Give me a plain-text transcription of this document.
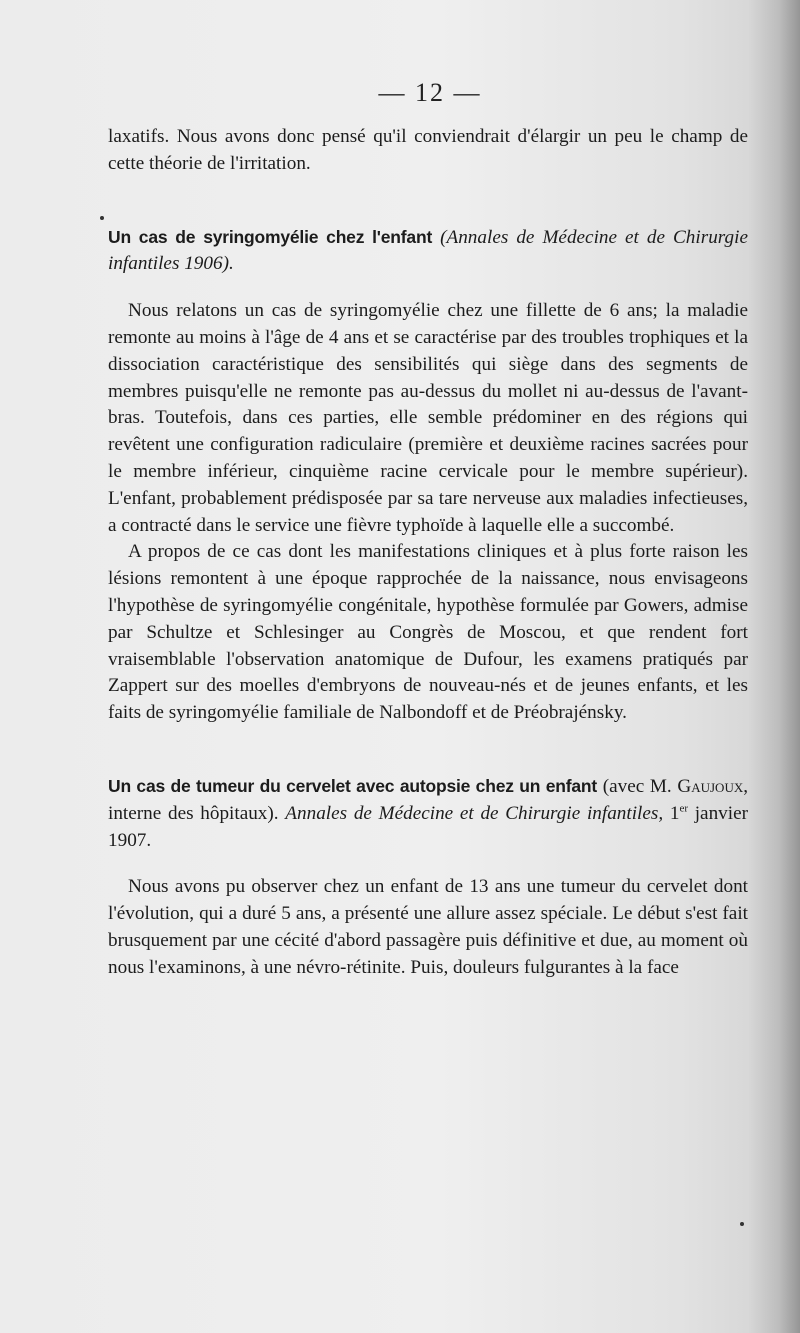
— 12 —

laxatifs. Nous avons donc pensé qu'il conviendrait d'élargir un peu le champ de cette théorie de l'irritation.

Un cas de syringomyélie chez l'enfant (Annales de Médecine et de Chirurgie infantiles 1906).

Nous relatons un cas de syringomyélie chez une fillette de 6 ans; la maladie remonte au moins à l'âge de 4 ans et se caractérise par des troubles trophiques et la dissociation caractéristique des sensibilités qui siège dans des segments de membres puisqu'elle ne remonte pas au-dessus du mollet ni au-dessus de l'avant-bras. Toutefois, dans ces parties, elle semble prédominer en des régions qui revêtent une configuration radiculaire (première et deuxième racines sacrées pour le membre inférieur, cinquième racine cervicale pour le membre supérieur). L'enfant, probablement prédisposée par sa tare nerveuse aux maladies infectieuses, a contracté dans le service une fièvre typhoïde à laquelle elle a succombé.

A propos de ce cas dont les manifestations cliniques et à plus forte raison les lésions remontent à une époque rapprochée de la naissance, nous envisageons l'hypothèse de syringomyélie congénitale, hypothèse formulée par Gowers, admise par Schultze et Schlesinger au Congrès de Moscou, et que rendent fort vraisemblable l'observation anatomique de Dufour, les examens pratiqués par Zappert sur des moelles d'embryons de nouveau-nés et de jeunes enfants, et les faits de syringomyélie familiale de Nalbondoff et de Préobrajénsky.

Un cas de tumeur du cervelet avec autopsie chez un enfant (avec M. Gaujoux, interne des hôpitaux). Annales de Médecine et de Chirurgie infantiles, 1er janvier 1907.

Nous avons pu observer chez un enfant de 13 ans une tumeur du cervelet dont l'évolution, qui a duré 5 ans, a présenté une allure assez spéciale. Le début s'est fait brusquement par une cécité d'abord passagère puis définitive et due, au moment où nous l'examinons, à une névro-rétinite. Puis, douleurs fulgurantes à la face
